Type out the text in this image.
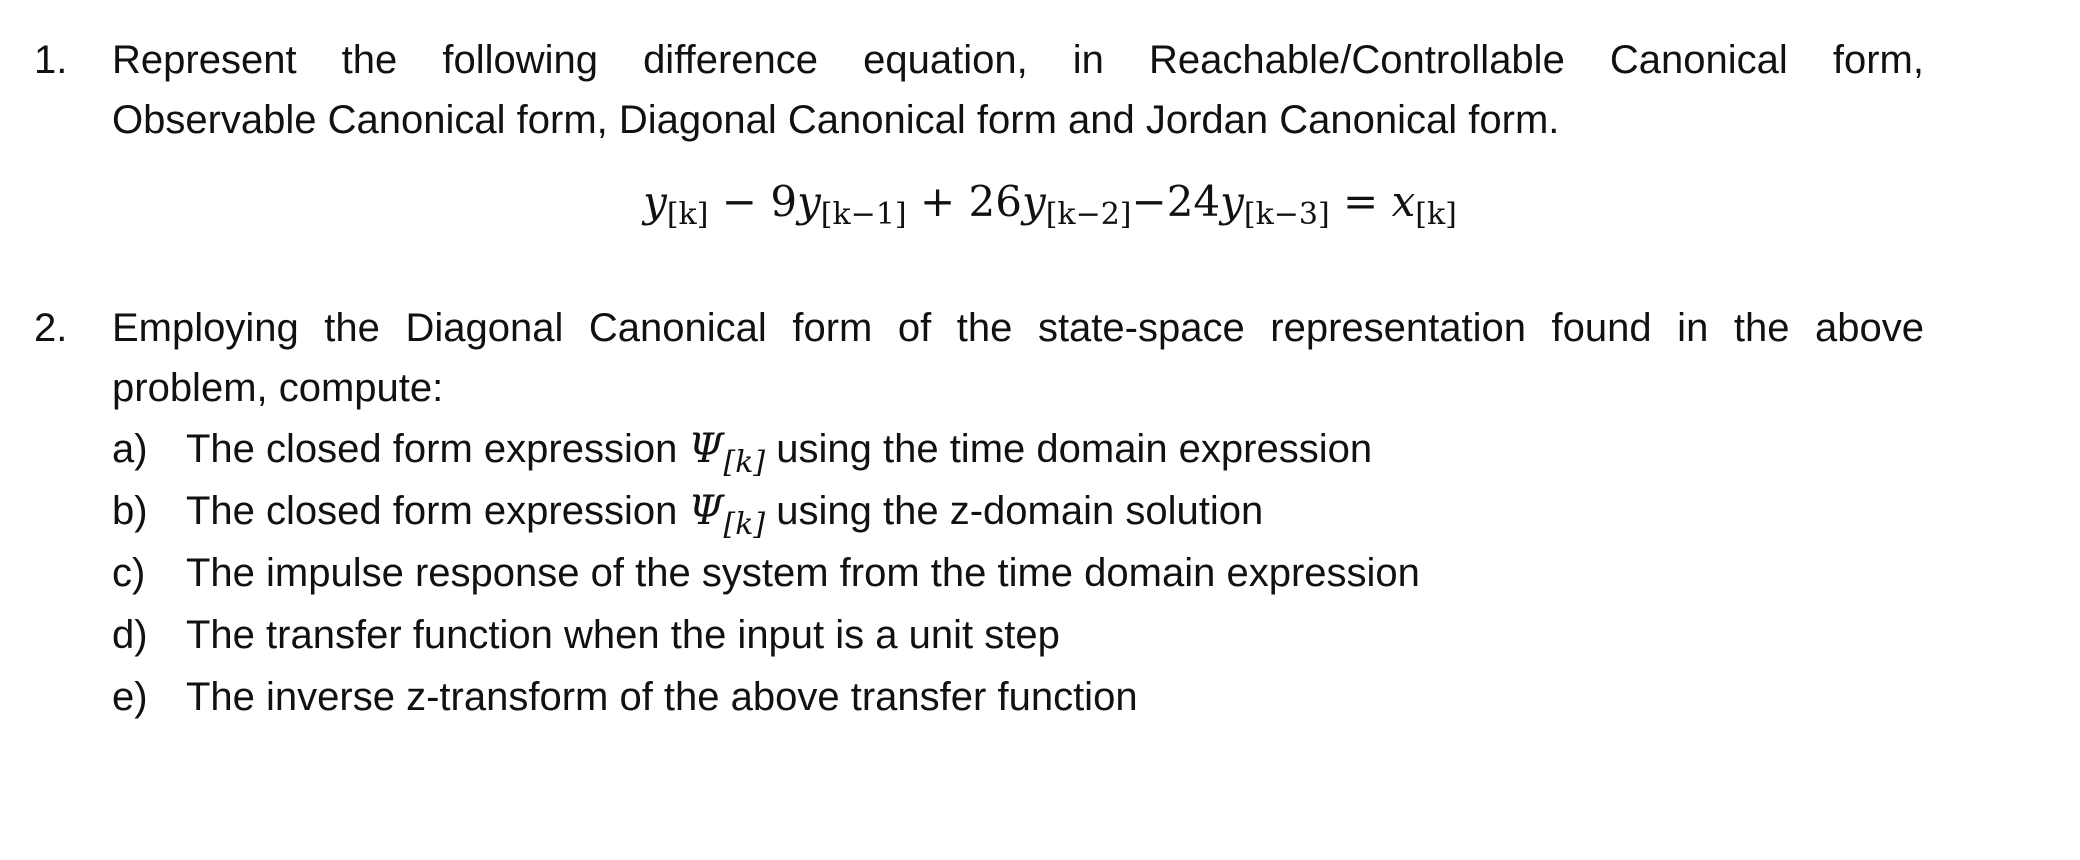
1.	Represent the following difference equation, in Reachable/Controllable Canonical form,
Observable Canonical form, Diagonal Canonical form and Jordan Canonical form.
$y_{[k]} - 9y_{[k-1]} + 26y_{[k-2]}-24y_{[k-3]} = x_{[k]}$
2.	Employing the Diagonal Canonical form of the state-space representation found in the above
problem, compute:
a) The closed form expression $\Psi_{[k]}$ using the time domain expression
b) The closed form expression $\Psi_{[k]}$ using the z-domain solution
c)	The impulse response of the system from the time domain expression
d) The transfer function when the input is a unit step
e) The inverse z-transform of the above transfer function
